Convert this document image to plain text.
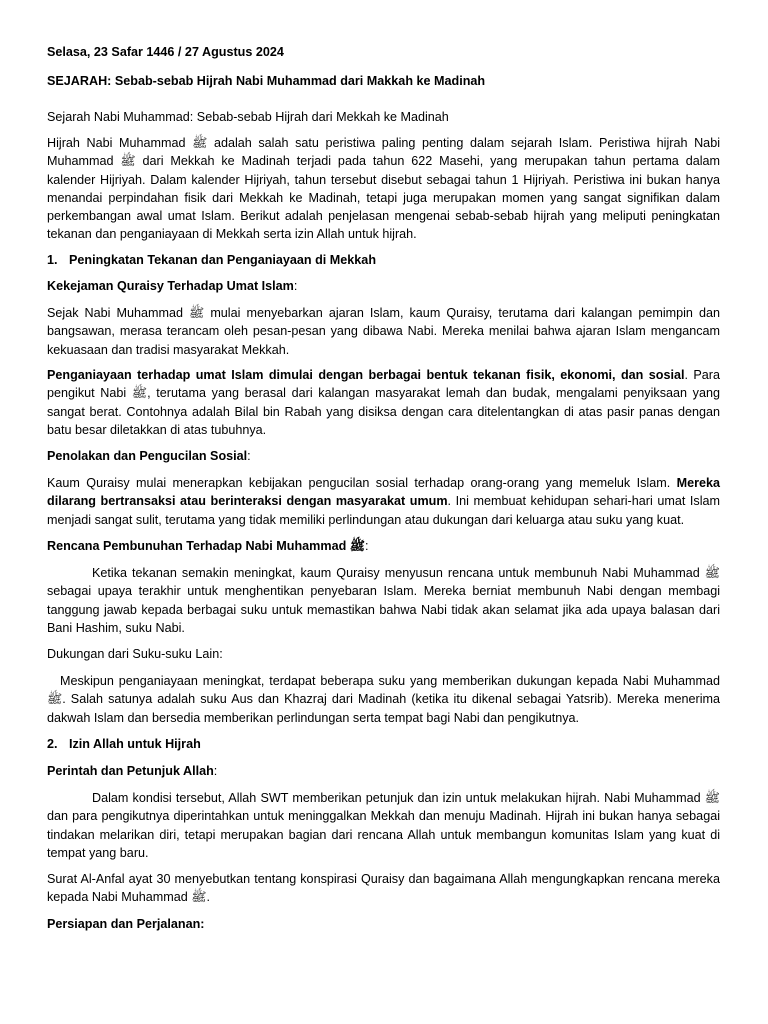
Selasa, 23 Safar 1446 / 27 Agustus 2024

SEJARAH: Sebab-sebab Hijrah Nabi Muhammad dari Makkah ke Madinah

Sejarah Nabi Muhammad: Sebab-sebab Hijrah dari Mekkah ke Madinah

Hijrah Nabi Muhammad ﷺ adalah salah satu peristiwa paling penting dalam sejarah Islam. Peristiwa hijrah Nabi Muhammad ﷺ dari Mekkah ke Madinah terjadi pada tahun 622 Masehi, yang merupakan tahun pertama dalam kalender Hijriyah. Dalam kalender Hijriyah, tahun tersebut disebut sebagai tahun 1 Hijriyah. Peristiwa ini bukan hanya menandai perpindahan fisik dari Mekkah ke Madinah, tetapi juga merupakan momen yang sangat signifikan dalam perkembangan awal umat Islam. Berikut adalah penjelasan mengenai sebab-sebab hijrah yang meliputi peningkatan tekanan dan penganiayaan di Mekkah serta izin Allah untuk hijrah.

1. Peningkatan Tekanan dan Penganiayaan di Mekkah

Kekejaman Quraisy Terhadap Umat Islam:

Sejak Nabi Muhammad ﷺ mulai menyebarkan ajaran Islam, kaum Quraisy, terutama dari kalangan pemimpin dan bangsawan, merasa terancam oleh pesan-pesan yang dibawa Nabi. Mereka menilai bahwa ajaran Islam mengancam kekuasaan dan tradisi masyarakat Mekkah.

Penganiayaan terhadap umat Islam dimulai dengan berbagai bentuk tekanan fisik, ekonomi, dan sosial. Para pengikut Nabi ﷺ, terutama yang berasal dari kalangan masyarakat lemah dan budak, mengalami penyiksaan yang sangat berat. Contohnya adalah Bilal bin Rabah yang disiksa dengan cara ditelentangkan di atas pasir panas dengan batu besar diletakkan di atas tubuhnya.

Penolakan dan Pengucilan Sosial:

Kaum Quraisy mulai menerapkan kebijakan pengucilan sosial terhadap orang-orang yang memeluk Islam. Mereka dilarang bertransaksi atau berinteraksi dengan masyarakat umum. Ini membuat kehidupan sehari-hari umat Islam menjadi sangat sulit, terutama yang tidak memiliki perlindungan atau dukungan dari keluarga atau suku yang kuat.

Rencana Pembunuhan Terhadap Nabi Muhammad ﷺ:

Ketika tekanan semakin meningkat, kaum Quraisy menyusun rencana untuk membunuh Nabi Muhammad ﷺ sebagai upaya terakhir untuk menghentikan penyebaran Islam. Mereka berniat membunuh Nabi dengan membagi tanggung jawab kepada berbagai suku untuk memastikan bahwa Nabi tidak akan selamat jika ada upaya balasan dari Bani Hashim, suku Nabi.

Dukungan dari Suku-suku Lain:

Meskipun penganiayaan meningkat, terdapat beberapa suku yang memberikan dukungan kepada Nabi Muhammad ﷺ. Salah satunya adalah suku Aus dan Khazraj dari Madinah (ketika itu dikenal sebagai Yatsrib). Mereka menerima dakwah Islam dan bersedia memberikan perlindungan serta tempat bagi Nabi dan pengikutnya.

2. Izin Allah untuk Hijrah

Perintah dan Petunjuk Allah:

Dalam kondisi tersebut, Allah SWT memberikan petunjuk dan izin untuk melakukan hijrah. Nabi Muhammad ﷺ dan para pengikutnya diperintahkan untuk meninggalkan Mekkah dan menuju Madinah. Hijrah ini bukan hanya sebagai tindakan melarikan diri, tetapi merupakan bagian dari rencana Allah untuk membangun komunitas Islam yang kuat di tempat yang baru.

Surat Al-Anfal ayat 30 menyebutkan tentang konspirasi Quraisy dan bagaimana Allah mengungkapkan rencana mereka kepada Nabi Muhammad ﷺ.

Persiapan dan Perjalanan:
